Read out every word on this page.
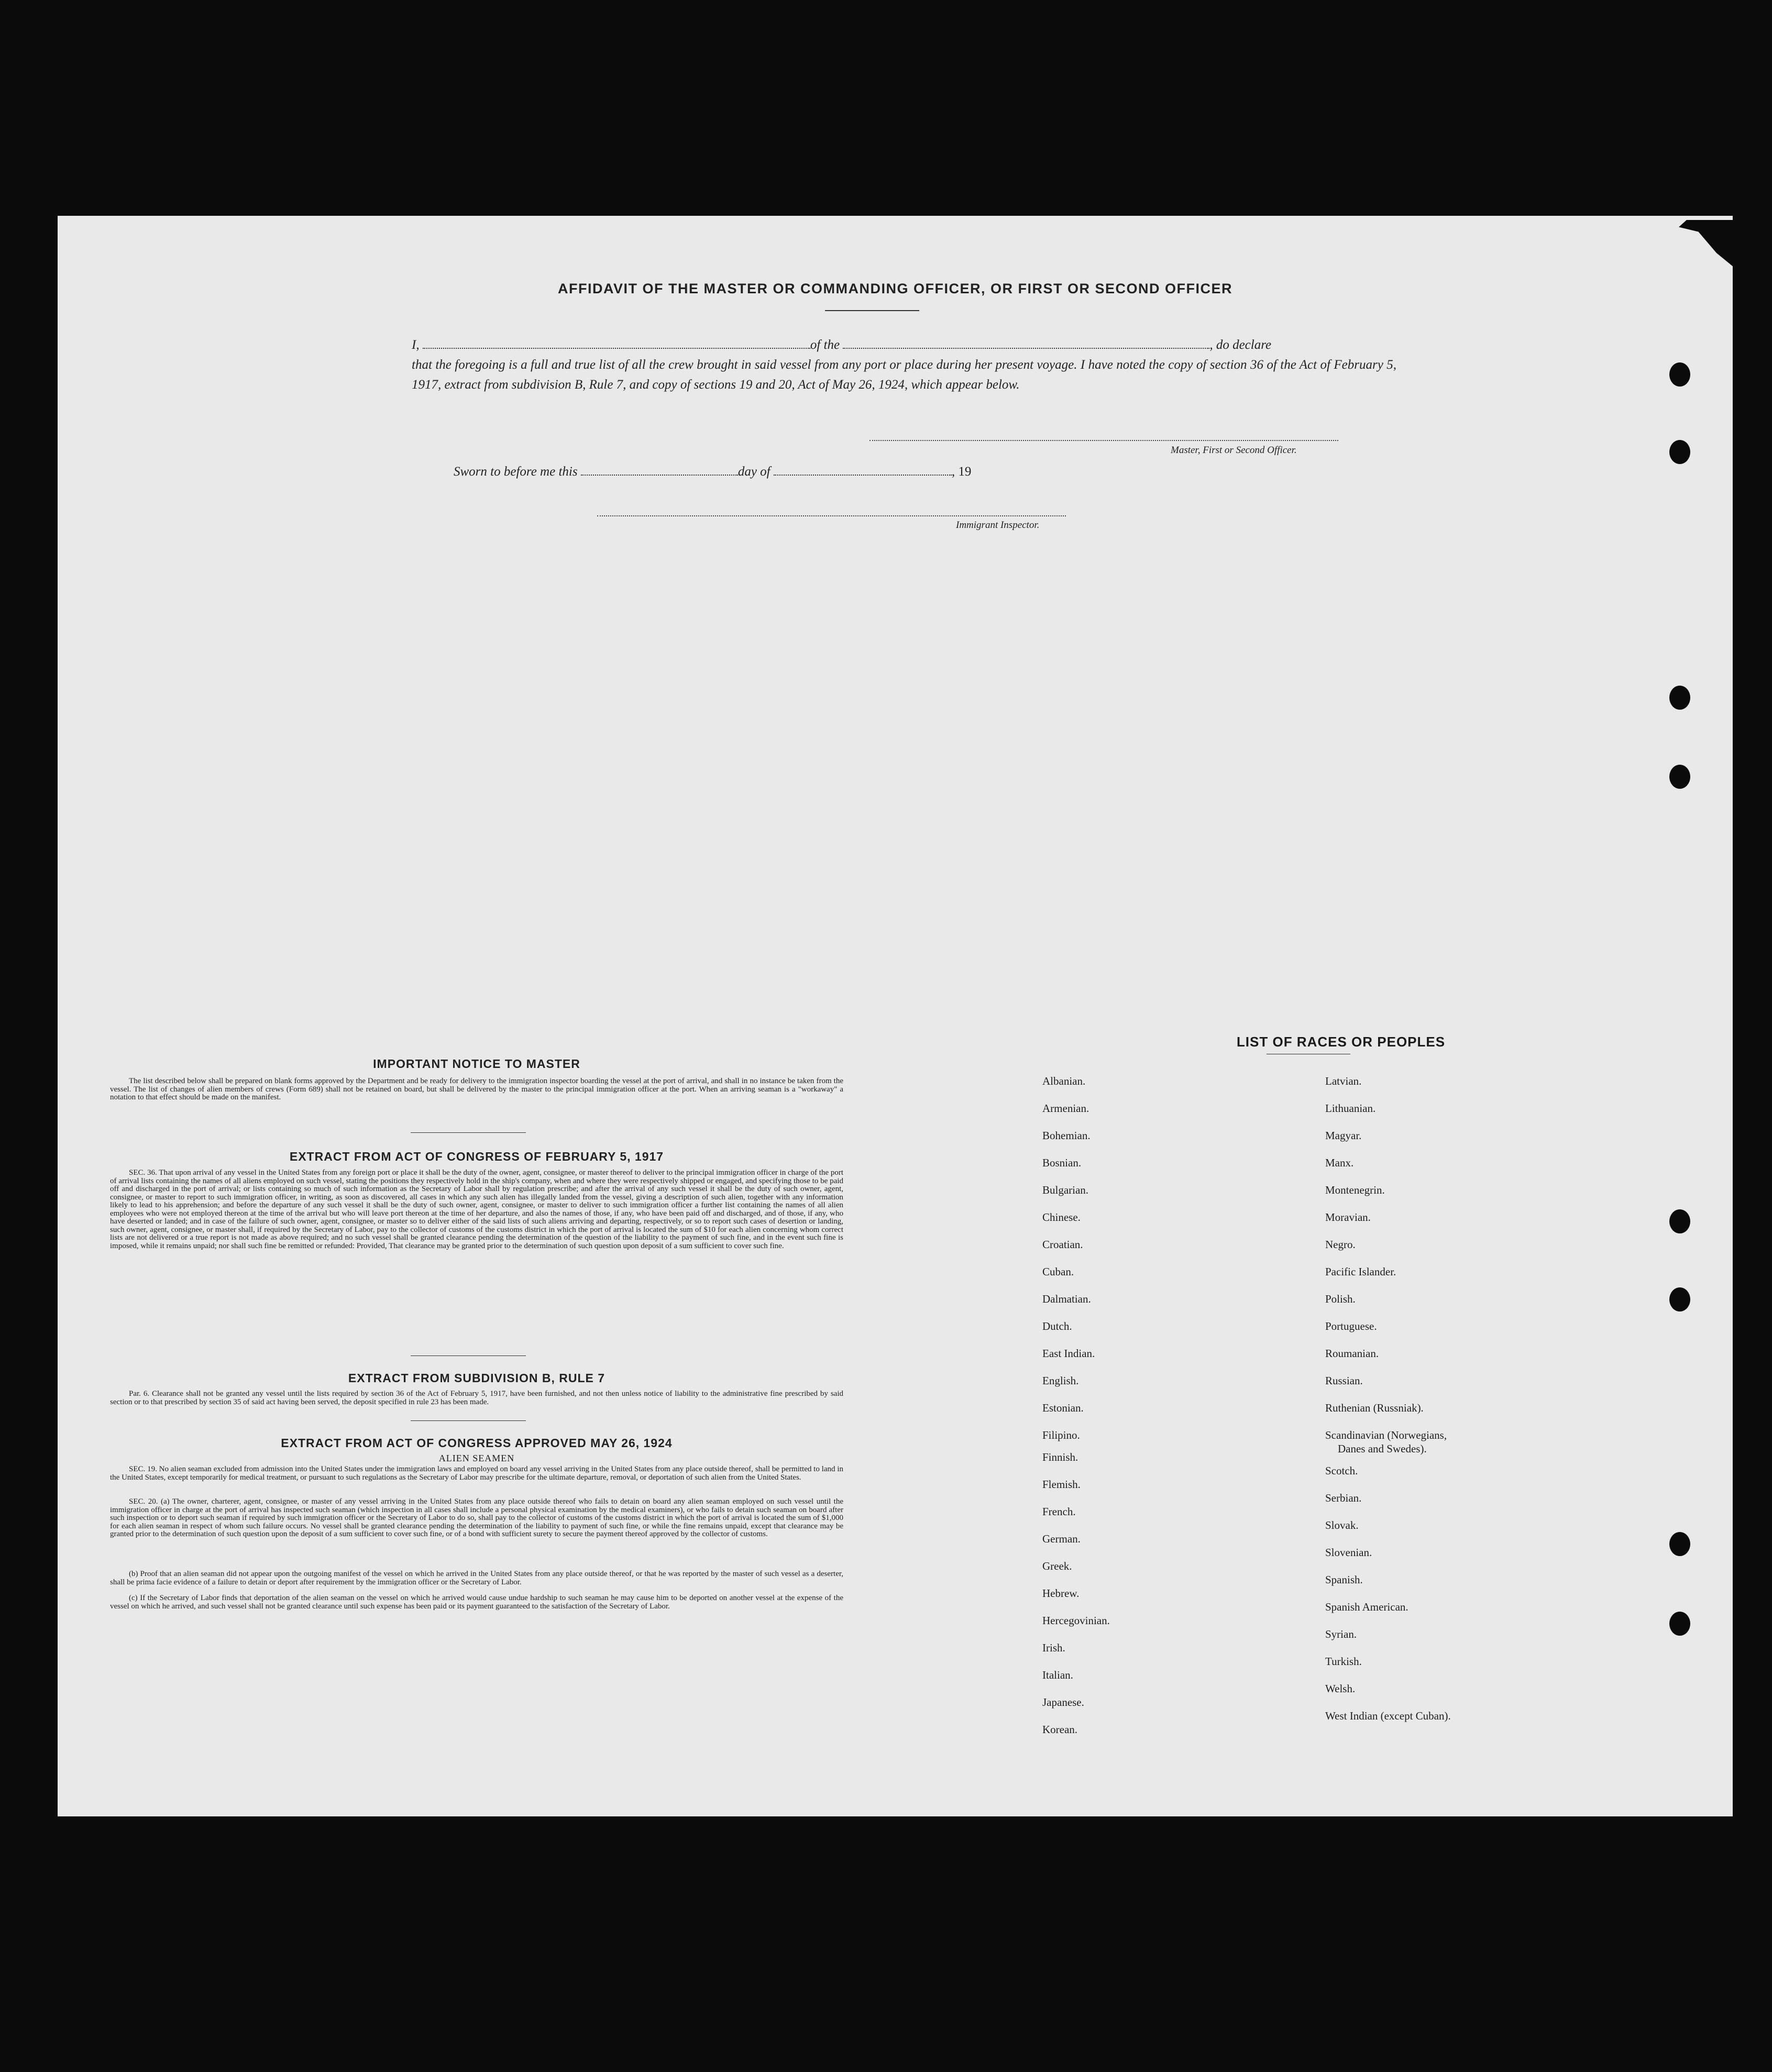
AFFIDAVIT OF THE MASTER OR COMMANDING OFFICER, OR FIRST OR SECOND OFFICER
I,	of the	, do declare
that the foregoing is a full and true list of all the crew brought in said vessel from any port or place during her present voyage. I have noted the copy of section 36 of the Act of February 5, 1917, extract from subdivision B, Rule 7, and copy of sections 19 and 20, Act of May 26, 1924, which appear below.
Master, First or Second Officer.
Sworn to before me this	day of	, 19
Immigrant Inspector.
IMPORTANT NOTICE TO MASTER
The list described below shall be prepared on blank forms approved by the Department and be ready for delivery to the immigration inspector boarding the vessel at the port of arrival, and shall in no instance be taken from the vessel. The list of changes of alien members of crews (Form 689) shall not be retained on board, but shall be delivered by the master to the principal immigration officer at the port. When an arriving seaman is a "workaway" a notation to that effect should be made on the manifest.
EXTRACT FROM ACT OF CONGRESS OF FEBRUARY 5, 1917
SEC. 36. That upon arrival of any vessel in the United States from any foreign port or place it shall be the duty of the owner, agent, consignee, or master thereof to deliver to the principal immigration officer in charge of the port of arrival lists containing the names of all aliens employed on such vessel, stating the positions they respectively hold in the ship's company, when and where they were respectively shipped or engaged, and specifying those to be paid off and discharged in the port of arrival; or lists containing so much of such information as the Secretary of Labor shall by regulation prescribe; and after the arrival of any such vessel it shall be the duty of such owner, agent, consignee, or master to report to such immigration officer, in writing, as soon as discovered, all cases in which any such alien has illegally landed from the vessel, giving a description of such alien, together with any information likely to lead to his apprehension; and before the departure of any such vessel it shall be the duty of such owner, agent, consignee, or master to deliver to such immigration officer a further list containing the names of all alien employees who were not employed thereon at the time of the arrival but who will leave port thereon at the time of her departure, and also the names of those, if any, who have been paid off and discharged, and of those, if any, who have deserted or landed; and in case of the failure of such owner, agent, consignee, or master so to deliver either of the said lists of such aliens arriving and departing, respectively, or so to report such cases of desertion or landing, such owner, agent, consignee, or master shall, if required by the Secretary of Labor, pay to the collector of customs of the customs district in which the port of arrival is located the sum of $10 for each alien concerning whom correct lists are not delivered or a true report is not made as above required; and no such vessel shall be granted clearance pending the determination of the question of the liability to the payment of such fine, and in the event such fine is imposed, while it remains unpaid; nor shall such fine be remitted or refunded: Provided, That clearance may be granted prior to the determination of such question upon deposit of a sum sufficient to cover such fine.
EXTRACT FROM SUBDIVISION B, RULE 7
Par. 6. Clearance shall not be granted any vessel until the lists required by section 36 of the Act of February 5, 1917, have been furnished, and not then unless notice of liability to the administrative fine prescribed by said section or to that prescribed by section 35 of said act having been served, the deposit specified in rule 23 has been made.
EXTRACT FROM ACT OF CONGRESS APPROVED MAY 26, 1924
ALIEN SEAMEN
SEC. 19. No alien seaman excluded from admission into the United States under the immigration laws and employed on board any vessel arriving in the United States from any place outside thereof, shall be permitted to land in the United States, except temporarily for medical treatment, or pursuant to such regulations as the Secretary of Labor may prescribe for the ultimate departure, removal, or deportation of such alien from the United States.
SEC. 20. (a) The owner, charterer, agent, consignee, or master of any vessel arriving in the United States from any place outside thereof who fails to detain on board any alien seaman employed on such vessel until the immigration officer in charge at the port of arrival has inspected such seaman (which inspection in all cases shall include a personal physical examination by the medical examiners), or who fails to detain such seaman on board after such inspection or to deport such seaman if required by such immigration officer or the Secretary of Labor to do so, shall pay to the collector of customs of the customs district in which the port of arrival is located the sum of $1,000 for each alien seaman in respect of whom such failure occurs. No vessel shall be granted clearance pending the determination of the liability to payment of such fine, or while the fine remains unpaid, except that clearance may be granted prior to the determination of such question upon the deposit of a sum sufficient to cover such fine, or of a bond with sufficient surety to secure the payment thereof approved by the collector of customs.
(b) Proof that an alien seaman did not appear upon the outgoing manifest of the vessel on which he arrived in the United States from any place outside thereof, or that he was reported by the master of such vessel as a deserter, shall be prima facie evidence of a failure to detain or deport after requirement by the immigration officer or the Secretary of Labor.
(c) If the Secretary of Labor finds that deportation of the alien seaman on the vessel on which he arrived would cause undue hardship to such seaman he may cause him to be deported on another vessel at the expense of the vessel on which he arrived, and such vessel shall not be granted clearance until such expense has been paid or its payment guaranteed to the satisfaction of the Secretary of Labor.
LIST OF RACES OR PEOPLES
Albanian.
Armenian.
Bohemian.
Bosnian.
Bulgarian.
Chinese.
Croatian.
Cuban.
Dalmatian.
Dutch.
East Indian.
English.
Estonian.
Filipino.
Finnish.
Flemish.
French.
German.
Greek.
Hebrew.
Hercegovinian.
Irish.
Italian.
Japanese.
Korean.
Latvian.
Lithuanian.
Magyar.
Manx.
Montenegrin.
Moravian.
Negro.
Pacific Islander.
Polish.
Portuguese.
Roumanian.
Russian.
Ruthenian (Russniak).
Scandinavian (Norwegians,
Danes and Swedes).
Scotch.
Serbian.
Slovak.
Slovenian.
Spanish.
Spanish American.
Syrian.
Turkish.
Welsh.
West Indian (except Cuban).
